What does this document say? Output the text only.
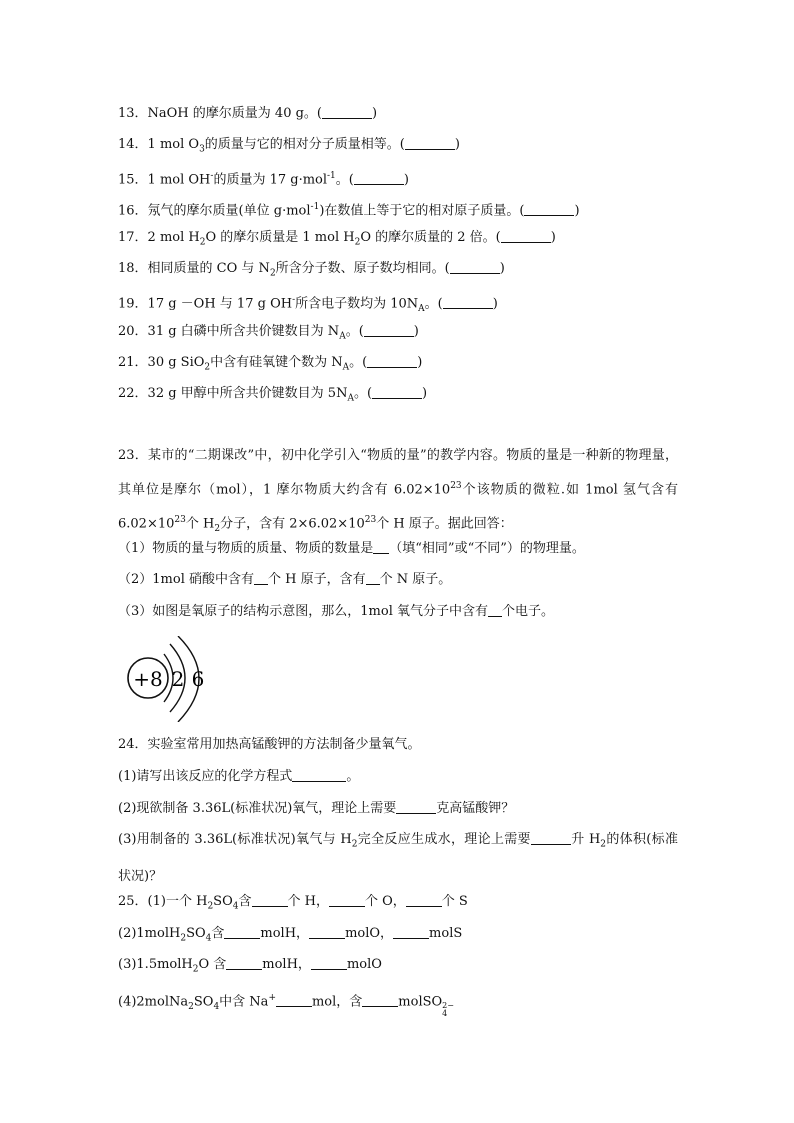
13．NaOH 的摩尔质量为 40 g。(	)
14．1 mol $O_3$的质量与它的相对分子质量相等。(	)
15．1 mol OH-的质量为 17 g·mol$^{-1}$。(	)
16．氖气的摩尔质量(单位 g·mol$^{-1}$)在数值上等于它的相对原子质量。(	)
17．2 mol $H_2O$ 的摩尔质量是 1 mol $H_2O$ 的摩尔质量的 2 倍。(	)
18．相同质量的 CO 与 $N_2$所含分子数、原子数均相同。(	)
19．17 g －OH 与 17 g OH-所含电子数均为 $10N_A$。(	)
20．31 g 白磷中所含共价键数目为 $N_A$。(	)
21．30 g SiO$_2$中含有硅氧键个数为 $N_A$。(	)
22．32 g 甲醇中所含共价键数目为 $5N_A$。(	)
23．某市的“二期课改”中，初中化学引入“物质的量”的教学内容。物质的量是一种新的物理量，其单位是摩尔（mol），1 摩尔物质大约含有 $6.02\times 10^{23}$个该物质的微粒.如 1mol 氢气含有 $6.02\times 10^{23}$个 $H_2$分子，含有 $2\times 6.02\times 10^{23}$个 H 原子。据此回答：
（1）物质的量与物质的质量、物质的数量是 （填“相同”或“不同”）的物理量。
（2）1mol 硝酸中含有 个 H 原子，含有 个 N 原子。
（3）如图是氧原子的结构示意图，那么，1mol 氧气分子中含有 个电子。
+8 2 6
24．实验室常用加热高锰酸钾的方法制备少量氧气。
(1)请写出该反应的化学方程式	。
(2)现欲制备 3.36L(标准状况)氧气，理论上需要	克高锰酸钾？
(3)用制备的 3.36L(标准状况)氧气与 $H_2$完全反应生成水，理论上需要	升 $H_2$的体积(标准状况)？
25．(1)一个 $H_2SO_4$含	个 H，	个 O，	个 S
$(2)1molH_2SO_4$含	molH，	molO，	molS
(3)1.5molH$_2$O 含	molH，	molO
$(4)2molNa_2SO_4$中含 Na+	mol，含	molSO 2−
4
